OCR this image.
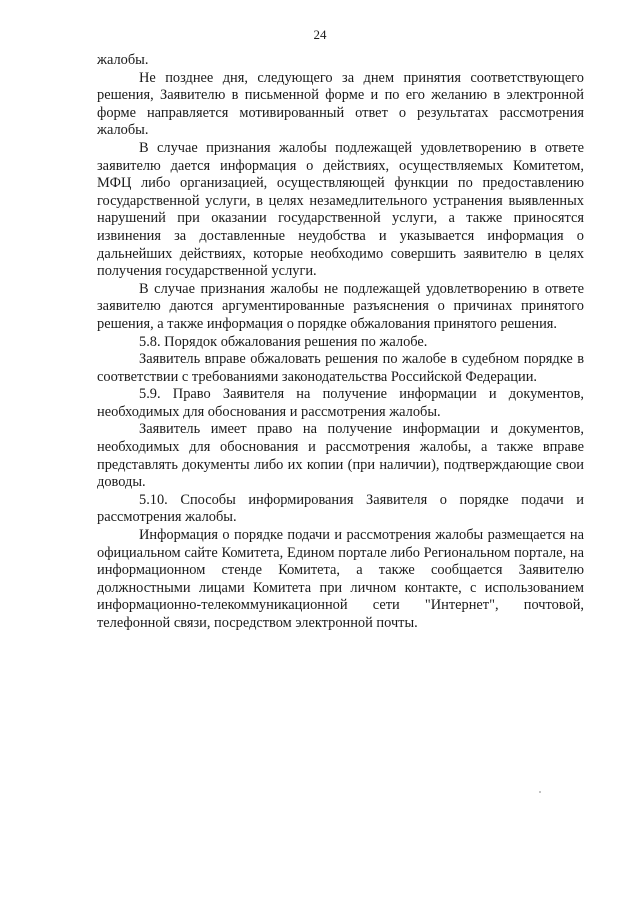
24

жалобы.

Не позднее дня, следующего за днем принятия соответствующего решения, Заявителю в письменной форме и по его желанию в электронной форме направляется мотивированный ответ о результатах рассмотрения жалобы.

В случае признания жалобы подлежащей удовлетворению в ответе заявителю дается информация о действиях, осуществляемых Комитетом, МФЦ либо организацией, осуществляющей функции по предоставлению государственной услуги, в целях незамедлительного устранения выявленных нарушений при оказании государственной услуги, а также приносятся извинения за доставленные неудобства и указывается информация о дальнейших действиях, которые необходимо совершить заявителю в целях получения государственной услуги.

В случае признания жалобы не подлежащей удовлетворению в ответе заявителю даются аргументированные разъяснения о причинах принятого решения, а также информация о порядке обжалования принятого решения.

5.8. Порядок обжалования решения по жалобе.

Заявитель вправе обжаловать решения по жалобе в судебном порядке в соответствии с требованиями законодательства Российской Федерации.

5.9. Право Заявителя на получение информации и документов, необходимых для обоснования и рассмотрения жалобы.

Заявитель имеет право на получение информации и документов, необходимых для обоснования и рассмотрения жалобы, а также вправе представлять документы либо их копии (при наличии), подтверждающие свои доводы.

5.10. Способы информирования Заявителя о порядке подачи и рассмотрения жалобы.

Информация о порядке подачи и рассмотрения жалобы размещается на официальном сайте Комитета, Едином портале либо Региональном портале, на информационном стенде Комитета, а также сообщается Заявителю должностными лицами Комитета при личном контакте, с использованием информационно-телекоммуникационной сети "Интернет", почтовой, телефонной связи, посредством электронной почты.
